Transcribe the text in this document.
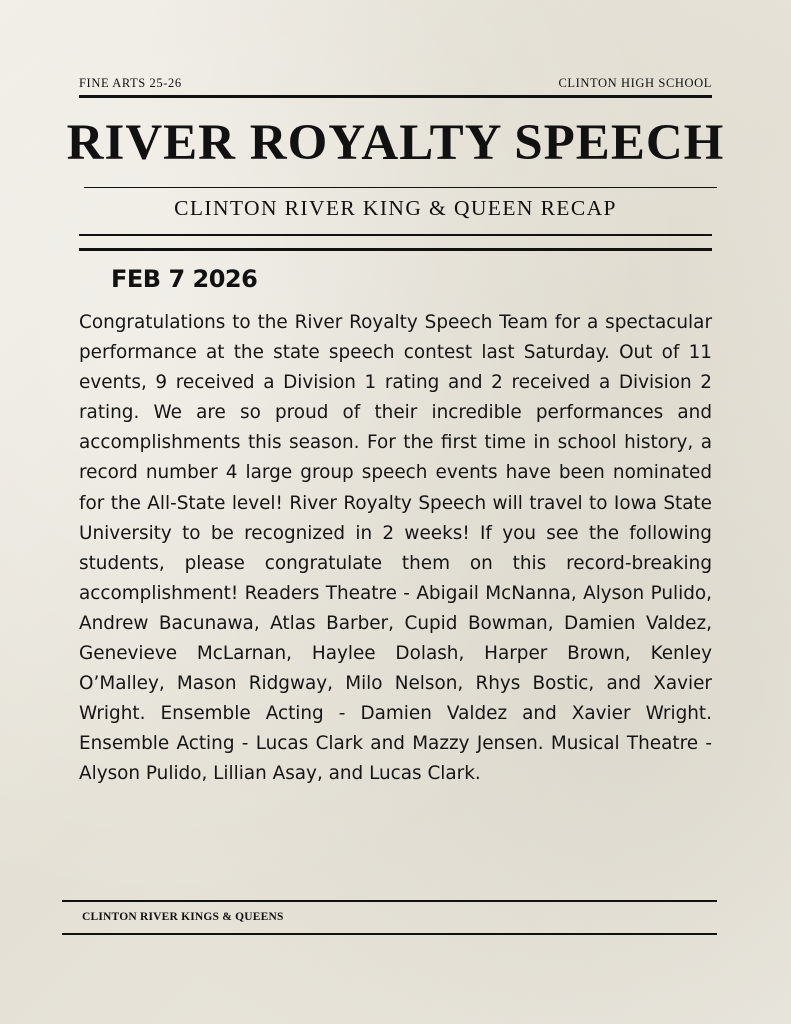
FINE ARTS 25-26	CLINTON HIGH SCHOOL
RIVER ROYALTY SPEECH
CLINTON RIVER KING & QUEEN RECAP
FEB 7 2026
Congratulations to the River Royalty Speech Team for a spectacular performance at the state speech contest last Saturday. Out of 11 events, 9 received a Division 1 rating and 2 received a Division 2 rating. We are so proud of their incredible performances and accomplishments this season. For the first time in school history, a record number 4 large group speech events have been nominated for the All-State level! River Royalty Speech will travel to Iowa State University to be recognized in 2 weeks! If you see the following students, please congratulate them on this record-breaking accomplishment! Readers Theatre - Abigail McNanna, Alyson Pulido, Andrew Bacunawa, Atlas Barber, Cupid Bowman, Damien Valdez, Genevieve McLarnan, Haylee Dolash, Harper Brown, Kenley O’Malley, Mason Ridgway, Milo Nelson, Rhys Bostic, and Xavier Wright. Ensemble Acting - Damien Valdez and Xavier Wright. Ensemble Acting - Lucas Clark and Mazzy Jensen. Musical Theatre - Alyson Pulido, Lillian Asay, and Lucas Clark.
CLINTON RIVER KINGS & QUEENS
